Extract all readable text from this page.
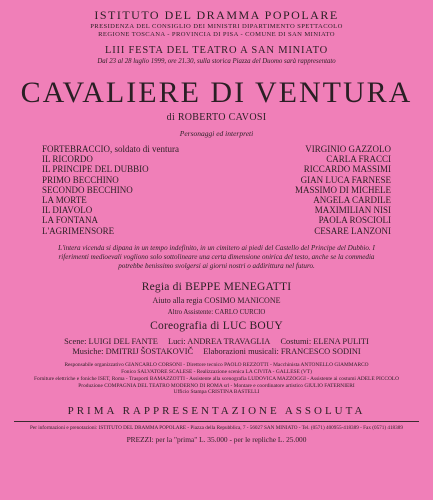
ISTITUTO DEL DRAMMA POPOLARE
PRESIDENZA DEL CONSIGLIO DEI MINISTRI DIPARTIMENTO SPETTACOLO
REGIONE TOSCANA - PROVINCIA DI PISA - COMUNE DI SAN MINIATO
LIII FESTA DEL TEATRO A SAN MINIATO
Dal 23 al 28 luglio 1999, ore 21.30, sulla storica Piazza del Duomo sarà rappresentato
CAVALIERE DI VENTURA
di ROBERTO CAVOSI
Personaggi ed interpreti
FORTEBRACCIO, soldato di ventura
IL RICORDO
IL PRINCIPE DEL DUBBIO
PRIMO BECCHINO
SECONDO BECCHINO
LA MORTE
IL DIAVOLO
LA FONTANA
L'AGRIMENSORE
VIRGINIO GAZZOLO
CARLA FRACCI
RICCARDO MASSIMI
GIAN LUCA FARNESE
MASSIMO DI MICHELE
ANGELA CARDILE
MAXIMILIAN NISI
PAOLA ROSCIOLI
CESARE LANZONI
L'intera vicenda si dipana in un tempo indefinito, in un cimitero ai piedi del Castello del Principe del Dubbio. I riferimenti medioevali vogliono solo sottolineare una certa dimensione onirica del testo, anche se la commedia potrebbe benissimo svolgersi ai giorni nostri o addirittura nel futuro.
Regia di BEPPE MENEGATTI
Aiuto alla regia COSIMO MANICONE
Altro Assistente: CARLO CURCIO
Coreografia di LUC BOUY
Scene: LUIGI DEL FANTE Luci: ANDREA TRAVAGLIA Costumi: ELENA PULITI
Musiche: DMITRIJ ŠOSTAKOVIČ Elaborazioni musicali: FRANCESCO SODINI
Responsabile organizzativo GIANCARLO CORSONI - Direttore tecnico PAOLO REZZOTTI - Macchinista ANTONELLO GIAMMARCO
Fonico SALVATORE SCALESE - Realizzazione scenica LA CIVITA - GALLESE (VT)
Forniture elettriche e foniche ISET, Roma - Trasporti BAMAZZOTTI - Assistente alla scenografia LUDOVICA MAZZOGGI - Assistente ai costumi ADELE PICCOLO
Produzione COMPAGNIA DEL TEATRO MODERNO DI ROMA srl - Montare e coordinatore artistico GIULIO FATERNIERI
Ufficio Stampa CRISTINA BASTELLI
PRIMA RAPPRESENTAZIONE ASSOLUTA
Per informazioni e prenotazioni: ISTITUTO DEL DRAMMA POPOLARE - Piazza della Repubblica, 7 - 56027 SAN MINIATO - Tel. (0571) 400955-418389 - Fax (0571) 418389
PREZZI: per la "prima" L. 35.000 - per le repliche L. 25.000
